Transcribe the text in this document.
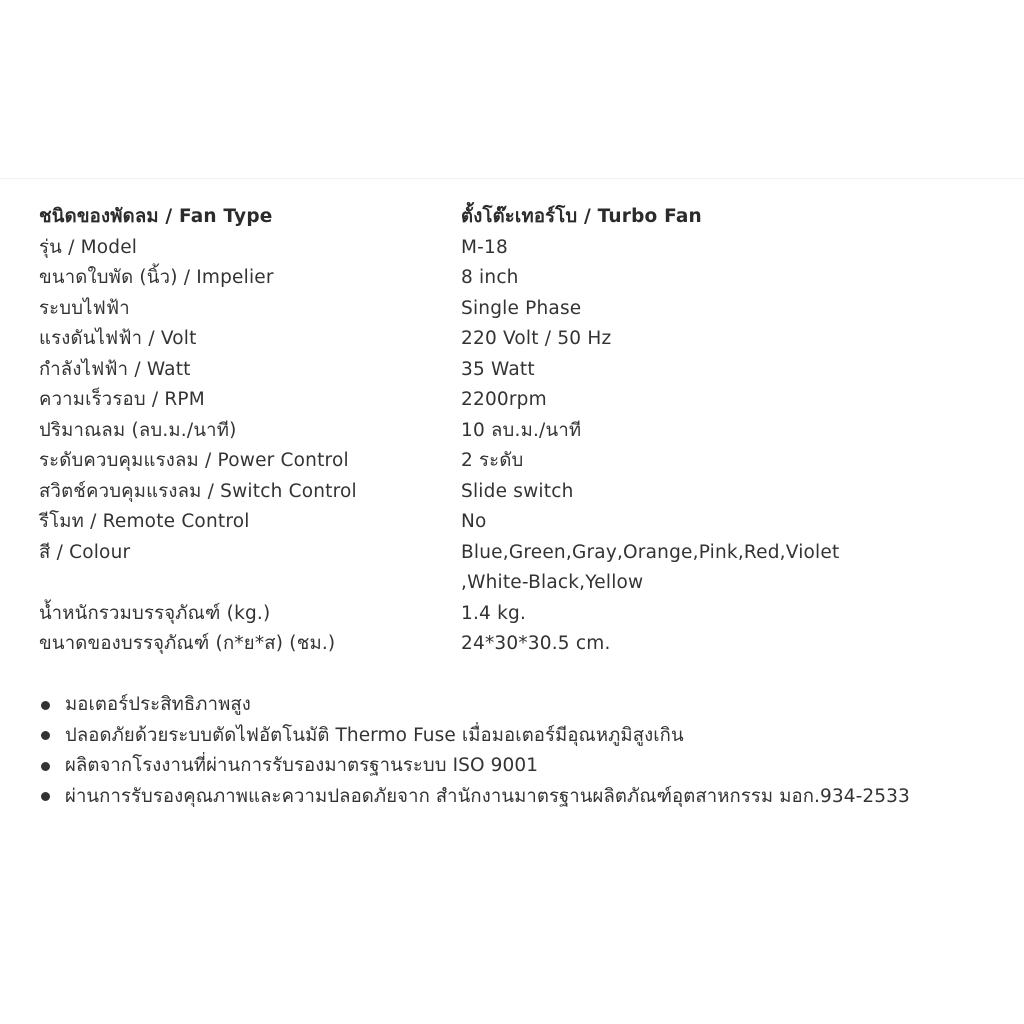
ชนิดของพัดลม / Fan Type	ตั้งโต๊ะเทอร์โบ / Turbo Fan
รุ่น / Model	M-18
ขนาดใบพัด (นิ้ว) / Impelier	8 inch
ระบบไฟฟ้า	Single Phase
แรงดันไฟฟ้า / Volt	220 Volt / 50 Hz
กำลังไฟฟ้า / Watt	35 Watt
ความเร็วรอบ / RPM	2200rpm
ปริมาณลม (ลบ.ม./นาที)	10 ลบ.ม./นาที
ระดับควบคุมแรงลม / Power Control	2 ระดับ
สวิตช์ควบคุมแรงลม / Switch Control	Slide switch
รีโมท / Remote Control	No
สี / Colour	Blue ,Green ,Gray ,Orange ,Pink ,Red ,Violet
,White-Black ,Yellow
น้ำหนักรวมบรรจุภัณฑ์ (kg.)	1.4 kg.
ขนาดของบรรจุภัณฑ์ (ก*ย*ส) (ชม.)	24*30*30.5 cm.
มอเตอร์ประสิทธิภาพสูง
ปลอดภัยด้วยระบบตัดไฟอัตโนมัติ Thermo Fuse เมื่อมอเตอร์มีอุณหภูมิสูงเกิน
ผลิตจากโรงงานที่ผ่านการรับรองมาตรฐานระบบ ISO 9001
ผ่านการรับรองคุณภาพและความปลอดภัยจาก สำนักงานมาตรฐานผลิตภัณฑ์อุตสาหกรรม มอก.934-2533
